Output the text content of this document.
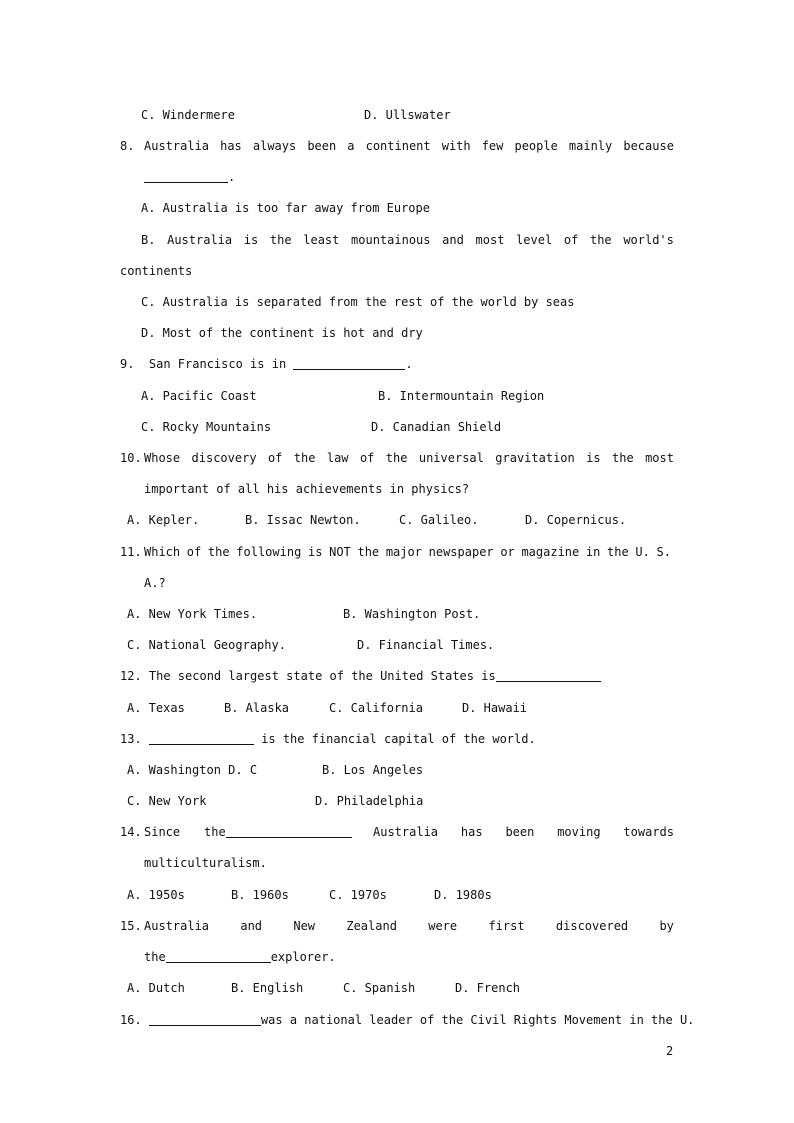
C. Windermere	D. Ullswater
8. Australia has always been a continent with few people mainly because
.
A. Australia is too far away from Europe
B. Australia is the least mountainous and most level of the world's
continents
C. Australia is separated from the rest of the world by seas
D. Most of the continent is hot and dry
9.  San Francisco is in	.
A. Pacific Coast	B. Intermountain Region
C. Rocky Mountains	D. Canadian Shield
10. Whose discovery of the law of the universal gravitation is the most
important of all his achievements in physics?
A. Kepler.	B. Issac Newton.	C. Galileo.	D. Copernicus.
11. Which of the following is NOT the major newspaper or magazine in the U. S.
A.?
A. New York Times.	B. Washington Post.
C. National Geography.	D. Financial Times.
12. The second largest state of the United States is
A. Texas	B. Alaska	C. California	D. Hawaii
13.	is the financial capital of the world.
A. Washington D. C	B. Los Angeles
C. New York	D. Philadelphia
14. Since the	Australia has been moving towards
multiculturalism.
A. 1950s	B. 1960s	C. 1970s	D. 1980s
15. Australia	and	New	Zealand	were	first	discovered	by
the	explorer.
A. Dutch	B. English	C. Spanish	D. French
16.	was a national leader of the Civil Rights Movement in the U.
2
